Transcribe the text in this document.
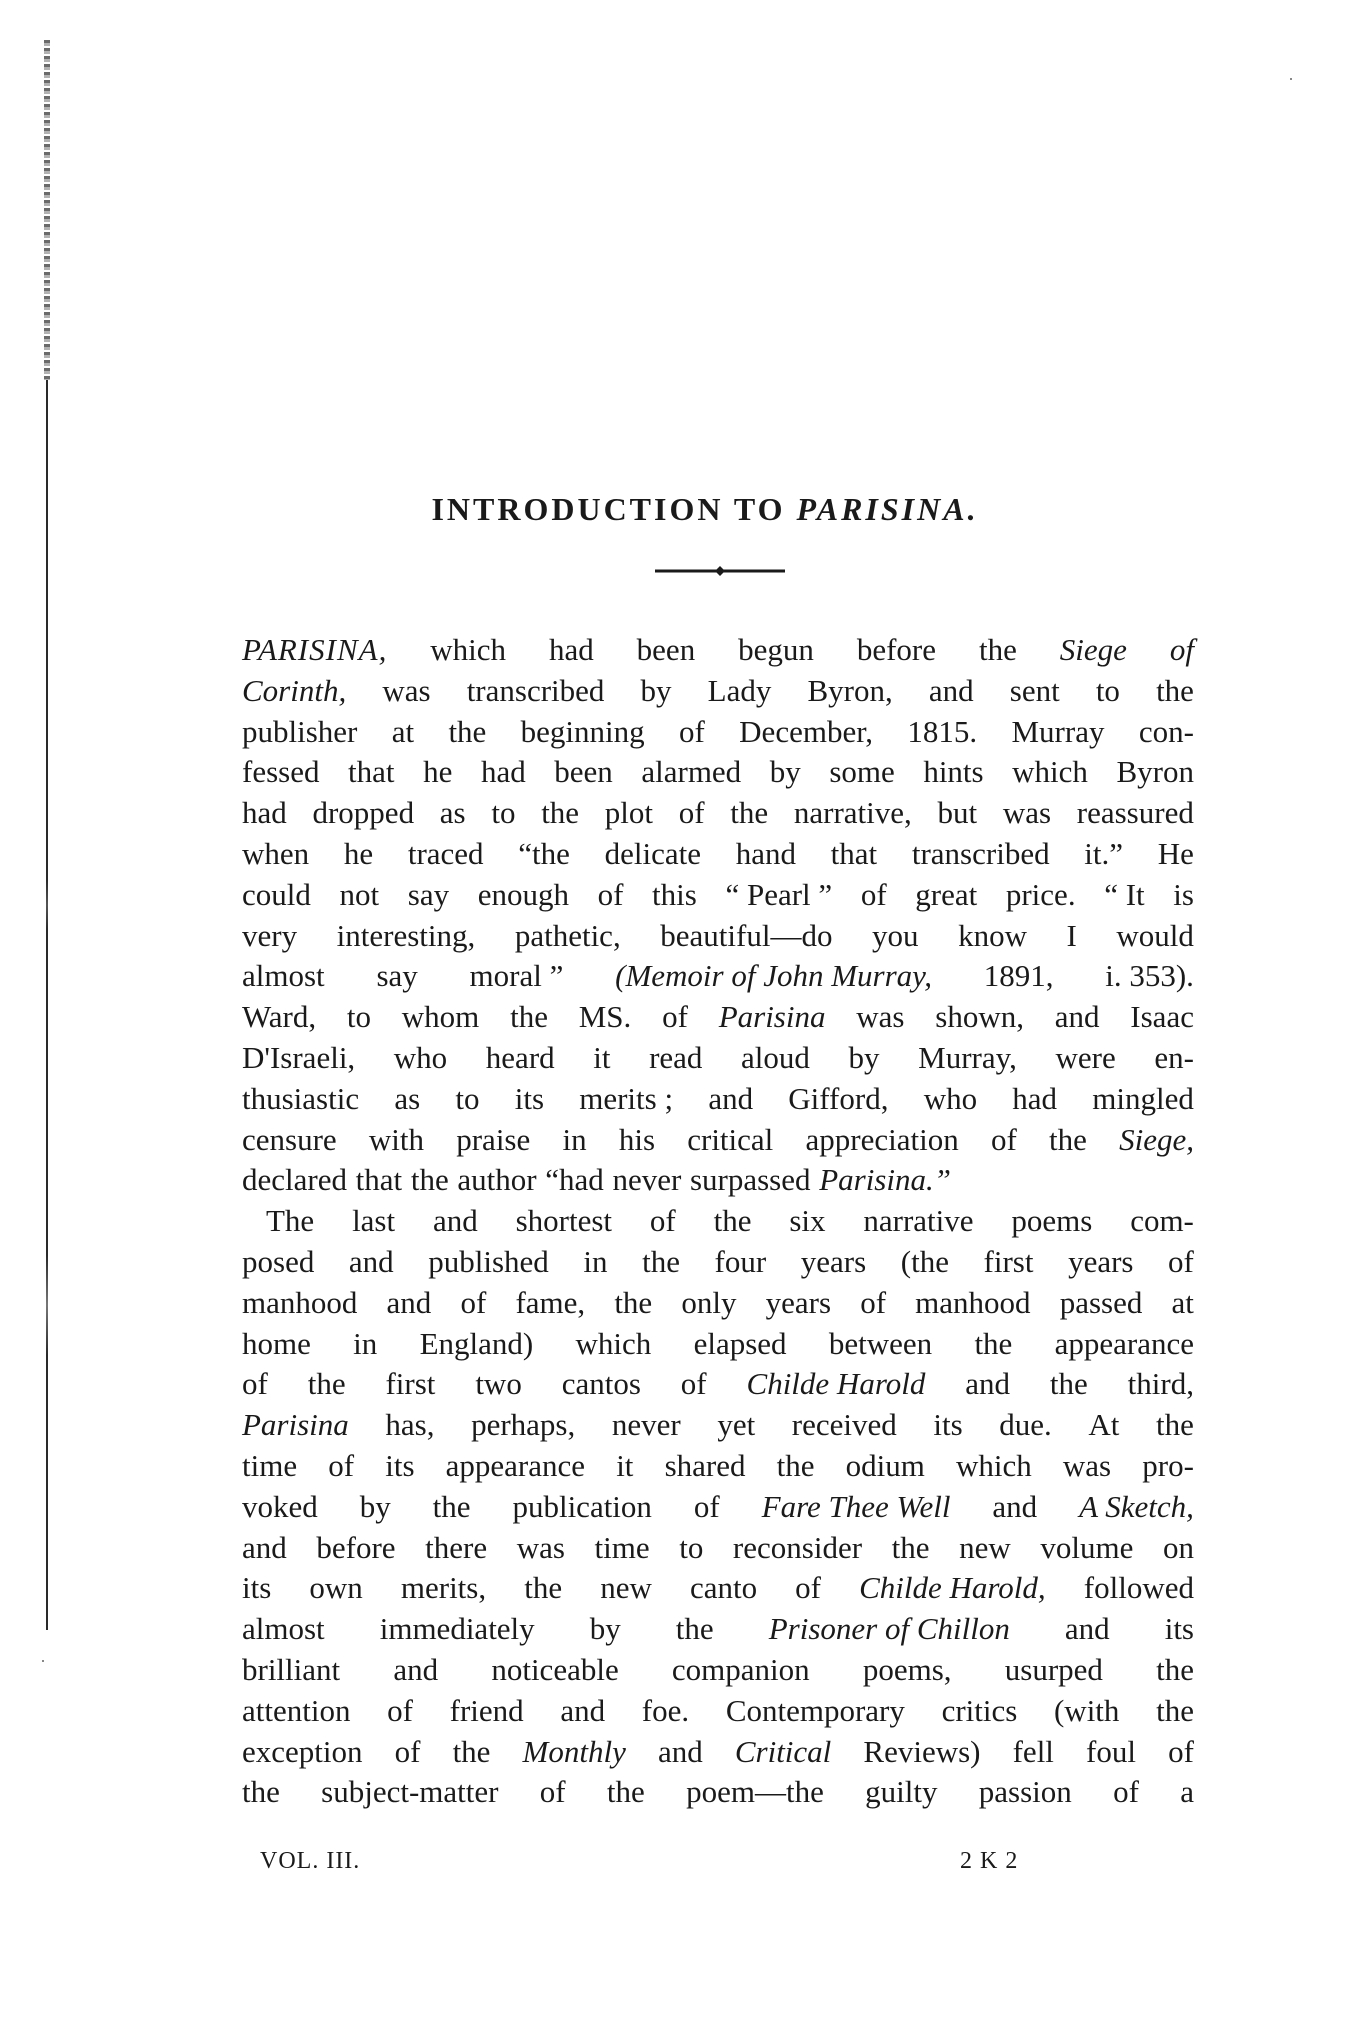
INTRODUCTION TO PARISINA.
PARISINA, which had been begun before the Siege of
Corinth, was transcribed by Lady Byron, and sent to the
publisher at the beginning of December, 1815. Murray con-
fessed that he had been alarmed by some hints which Byron
had dropped as to the plot of the narrative, but was reassured
when he traced “the delicate hand that transcribed it.” He
could not say enough of this “ Pearl ” of great price. “ It is
very interesting, pathetic, beautiful—do you know I would
almost say moral ” (Memoir of John Murray, 1891, i. 353).
Ward, to whom the MS. of Parisina was shown, and Isaac
D'Israeli, who heard it read aloud by Murray, were en-
thusiastic as to its merits ; and Gifford, who had mingled
censure with praise in his critical appreciation of the Siege,
declared that the author “had never surpassed Parisina.”
The last and shortest of the six narrative poems com-
posed and published in the four years (the first years of
manhood and of fame, the only years of manhood passed at
home in England) which elapsed between the appearance
of the first two cantos of Childe Harold and the third,
Parisina has, perhaps, never yet received its due. At the
time of its appearance it shared the odium which was pro-
voked by the publication of Fare Thee Well and A Sketch,
and before there was time to reconsider the new volume on
its own merits, the new canto of Childe Harold, followed
almost immediately by the Prisoner of Chillon and its
brilliant and noticeable companion poems, usurped the
attention of friend and foe. Contemporary critics (with the
exception of the Monthly and Critical Reviews) fell foul of
the subject-matter of the poem—the guilty passion of a
VOL. III.	2 K 2
